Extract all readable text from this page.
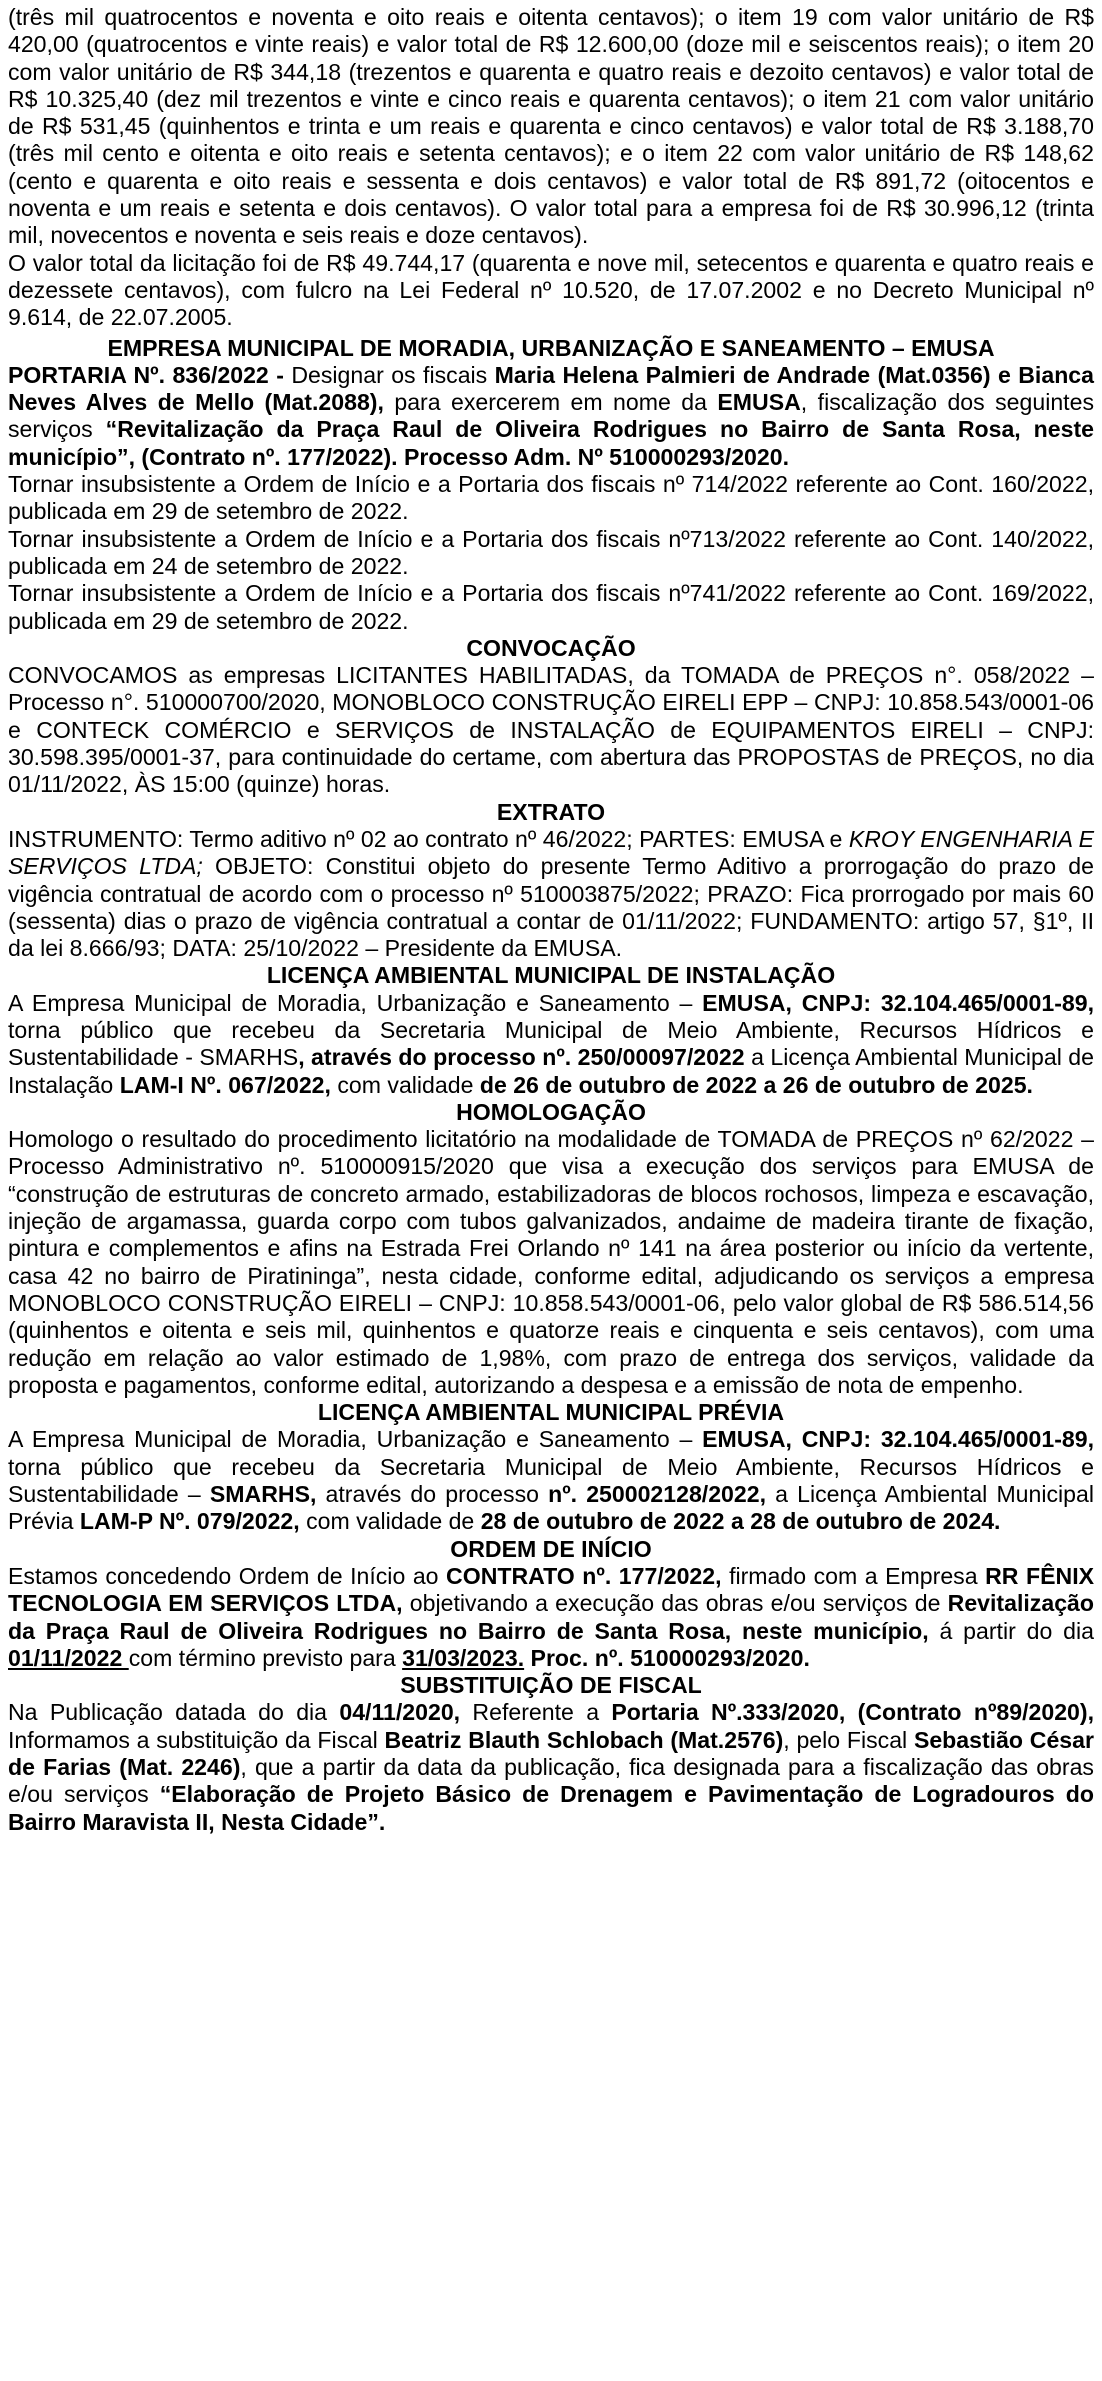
(três mil quatrocentos e noventa e oito reais e oitenta centavos); o item 19 com valor unitário de R$ 420,00 (quatrocentos e vinte reais) e valor total de R$ 12.600,00 (doze mil e seiscentos reais); o item 20 com valor unitário de R$ 344,18 (trezentos e quarenta e quatro reais e dezoito centavos) e valor total de R$ 10.325,40 (dez mil trezentos e vinte e cinco reais e quarenta centavos); o item 21 com valor unitário de R$ 531,45 (quinhentos e trinta e um reais e quarenta e cinco centavos) e valor total de R$ 3.188,70 (três mil cento e oitenta e oito reais e setenta centavos); e o item 22 com valor unitário de R$ 148,62 (cento e quarenta e oito reais e sessenta e dois centavos) e valor total de R$ 891,72 (oitocentos e noventa e um reais e setenta e dois centavos). O valor total para a empresa foi de R$ 30.996,12 (trinta mil, novecentos e noventa e seis reais e doze centavos).

O valor total da licitação foi de R$ 49.744,17 (quarenta e nove mil, setecentos e quarenta e quatro reais e dezessete centavos), com fulcro na Lei Federal nº 10.520, de 17.07.2002 e no Decreto Municipal nº 9.614, de 22.07.2005.

EMPRESA MUNICIPAL DE MORADIA, URBANIZAÇÃO E SANEAMENTO – EMUSA

PORTARIA Nº. 836/2022 - Designar os fiscais Maria Helena Palmieri de Andrade (Mat.0356) e Bianca Neves Alves de Mello (Mat.2088), para exercerem em nome da EMUSA, fiscalização dos seguintes serviços “Revitalização da Praça Raul de Oliveira Rodrigues no Bairro de Santa Rosa, neste município”, (Contrato nº. 177/2022). Processo Adm. Nº 510000293/2020.

Tornar insubsistente a Ordem de Início e a Portaria dos fiscais nº 714/2022 referente ao Cont. 160/2022, publicada em 29 de setembro de 2022.

Tornar insubsistente a Ordem de Início e a Portaria dos fiscais nº713/2022 referente ao Cont. 140/2022, publicada em 24 de setembro de 2022.

Tornar insubsistente a Ordem de Início e a Portaria dos fiscais nº741/2022 referente ao Cont. 169/2022, publicada em 29 de setembro de 2022.

CONVOCAÇÃO

CONVOCAMOS as empresas LICITANTES HABILITADAS, da TOMADA de PREÇOS n°. 058/2022 – Processo n°. 510000700/2020, MONOBLOCO CONSTRUÇÃO EIRELI EPP – CNPJ: 10.858.543/0001-06 e CONTECK COMÉRCIO e SERVIÇOS de INSTALAÇÃO de EQUIPAMENTOS EIRELI – CNPJ: 30.598.395/0001-37, para continuidade do certame, com abertura das PROPOSTAS de PREÇOS, no dia 01/11/2022, ÀS 15:00 (quinze) horas.

EXTRATO

INSTRUMENTO: Termo aditivo nº 02 ao contrato nº 46/2022; PARTES: EMUSA e KROY ENGENHARIA E SERVIÇOS LTDA; OBJETO: Constitui objeto do presente Termo Aditivo a prorrogação do prazo de vigência contratual de acordo com o processo nº 510003875/2022; PRAZO: Fica prorrogado por mais 60 (sessenta) dias o prazo de vigência contratual a contar de 01/11/2022; FUNDAMENTO: artigo 57, §1º, II da lei 8.666/93; DATA: 25/10/2022 – Presidente da EMUSA.

LICENÇA AMBIENTAL MUNICIPAL DE INSTALAÇÃO

A Empresa Municipal de Moradia, Urbanização e Saneamento – EMUSA, CNPJ: 32.104.465/0001-89, torna público que recebeu da Secretaria Municipal de Meio Ambiente, Recursos Hídricos e Sustentabilidade - SMARHS, através do processo nº. 250/00097/2022 a Licença Ambiental Municipal de Instalação LAM-I Nº. 067/2022, com validade de 26 de outubro de 2022 a 26 de outubro de 2025.

HOMOLOGAÇÃO

Homologo o resultado do procedimento licitatório na modalidade de TOMADA de PREÇOS nº 62/2022 – Processo Administrativo nº. 510000915/2020 que visa a execução dos serviços para EMUSA de “construção de estruturas de concreto armado, estabilizadoras de blocos rochosos, limpeza e escavação, injeção de argamassa, guarda corpo com tubos galvanizados, andaime de madeira tirante de fixação, pintura e complementos e afins na Estrada Frei Orlando nº 141 na área posterior ou início da vertente, casa 42 no bairro de Piratininga”, nesta cidade, conforme edital, adjudicando os serviços a empresa MONOBLOCO CONSTRUÇÃO EIRELI – CNPJ: 10.858.543/0001-06, pelo valor global de R$ 586.514,56 (quinhentos e oitenta e seis mil, quinhentos e quatorze reais e cinquenta e seis centavos), com uma redução em relação ao valor estimado de 1,98%, com prazo de entrega dos serviços, validade da proposta e pagamentos, conforme edital, autorizando a despesa e a emissão de nota de empenho.

LICENÇA AMBIENTAL MUNICIPAL PRÉVIA

A Empresa Municipal de Moradia, Urbanização e Saneamento – EMUSA, CNPJ: 32.104.465/0001-89, torna público que recebeu da Secretaria Municipal de Meio Ambiente, Recursos Hídricos e Sustentabilidade – SMARHS, através do processo nº. 250002128/2022, a Licença Ambiental Municipal Prévia LAM-P Nº. 079/2022, com validade de 28 de outubro de 2022 a 28 de outubro de 2024.

ORDEM DE INÍCIO

Estamos concedendo Ordem de Início ao CONTRATO nº. 177/2022, firmado com a Empresa RR FÊNIX TECNOLOGIA EM SERVIÇOS LTDA, objetivando a execução das obras e/ou serviços de Revitalização da Praça Raul de Oliveira Rodrigues no Bairro de Santa Rosa, neste município, á partir do dia 01/11/2022 com término previsto para 31/03/2023. Proc. nº. 510000293/2020.

SUBSTITUIÇÃO DE FISCAL

Na Publicação datada do dia 04/11/2020, Referente a Portaria Nº.333/2020, (Contrato nº89/2020), Informamos a substituição da Fiscal Beatriz Blauth Schlobach (Mat.2576), pelo Fiscal Sebastião César de Farias (Mat. 2246), que a partir da data da publicação, fica designada para a fiscalização das obras e/ou serviços “Elaboração de Projeto Básico de Drenagem e Pavimentação de Logradouros do Bairro Maravista II, Nesta Cidade”.
